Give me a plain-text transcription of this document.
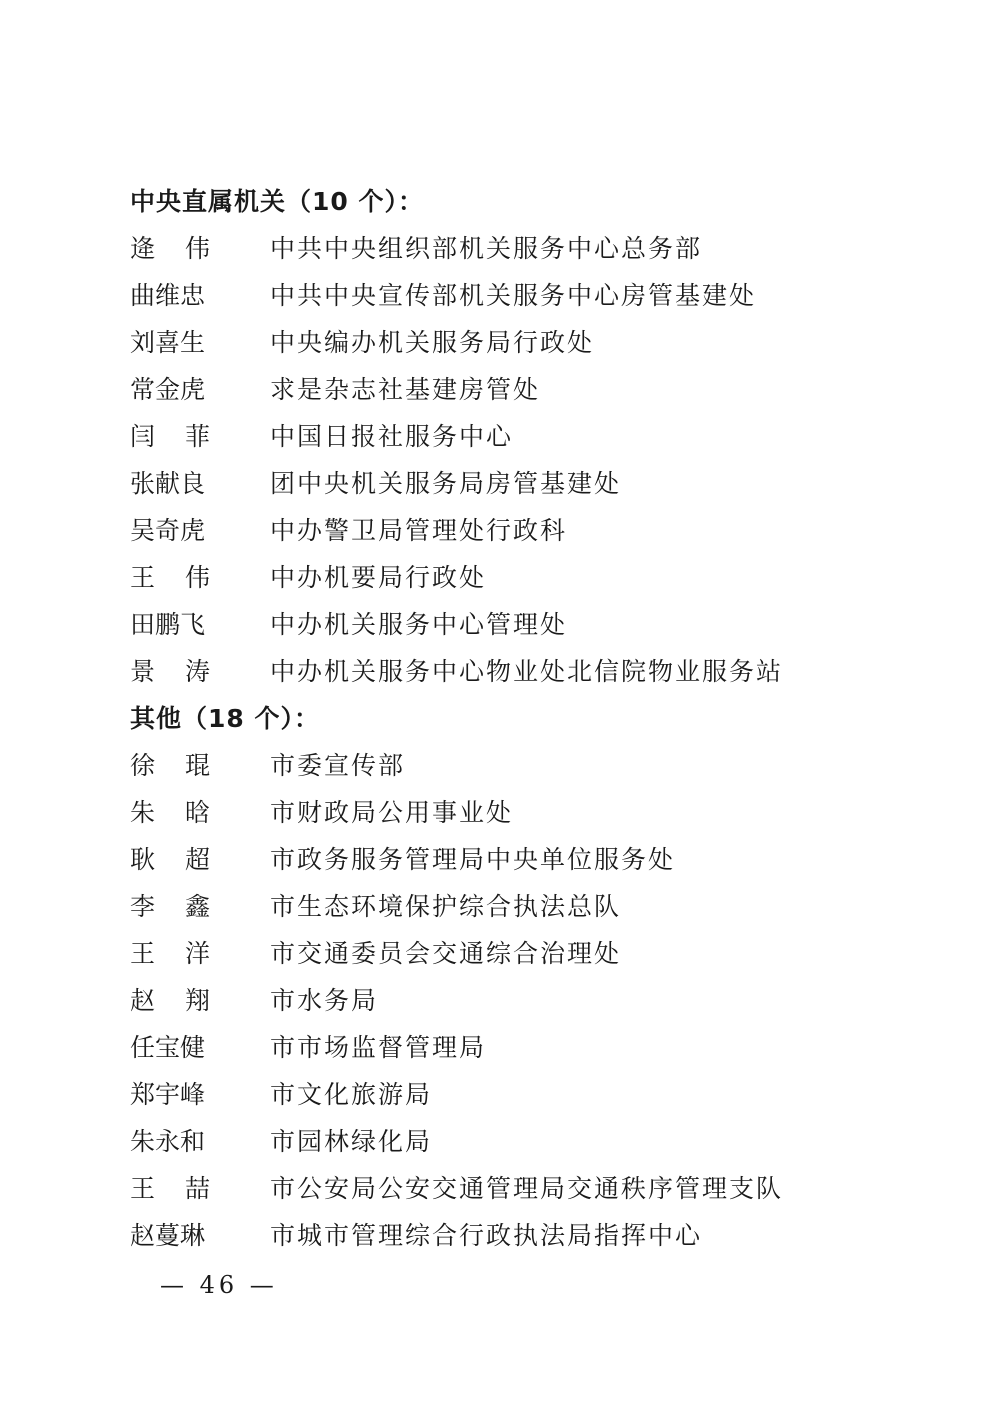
中央直属机关（10 个）：
逄 伟 中共中央组织部机关服务中心总务部
曲维忠	中共中央宣传部机关服务中心房管基建处
刘喜生	中央编办机关服务局行政处
常金虎	求是杂志社基建房管处
闫 菲 中国日报社服务中心
张献良	团中央机关服务局房管基建处
吴奇虎	中办警卫局管理处行政科
王 伟 中办机要局行政处
田鹏飞	中办机关服务中心管理处
景 涛 中办机关服务中心物业处北信院物业服务站
其他（18 个）：
徐 琨 市委宣传部
朱 晗 市财政局公用事业处
耿 超 市政务服务管理局中央单位服务处
李 鑫 市生态环境保护综合执法总队
王 洋 市交通委员会交通综合治理处
赵 翔 市水务局
任宝健	市市场监督管理局
郑宇峰	市文化旅游局
朱永和	市园林绿化局
王 喆 市公安局公安交通管理局交通秩序管理支队
赵蔓琳	市城市管理综合行政执法局指挥中心
— 46 —
